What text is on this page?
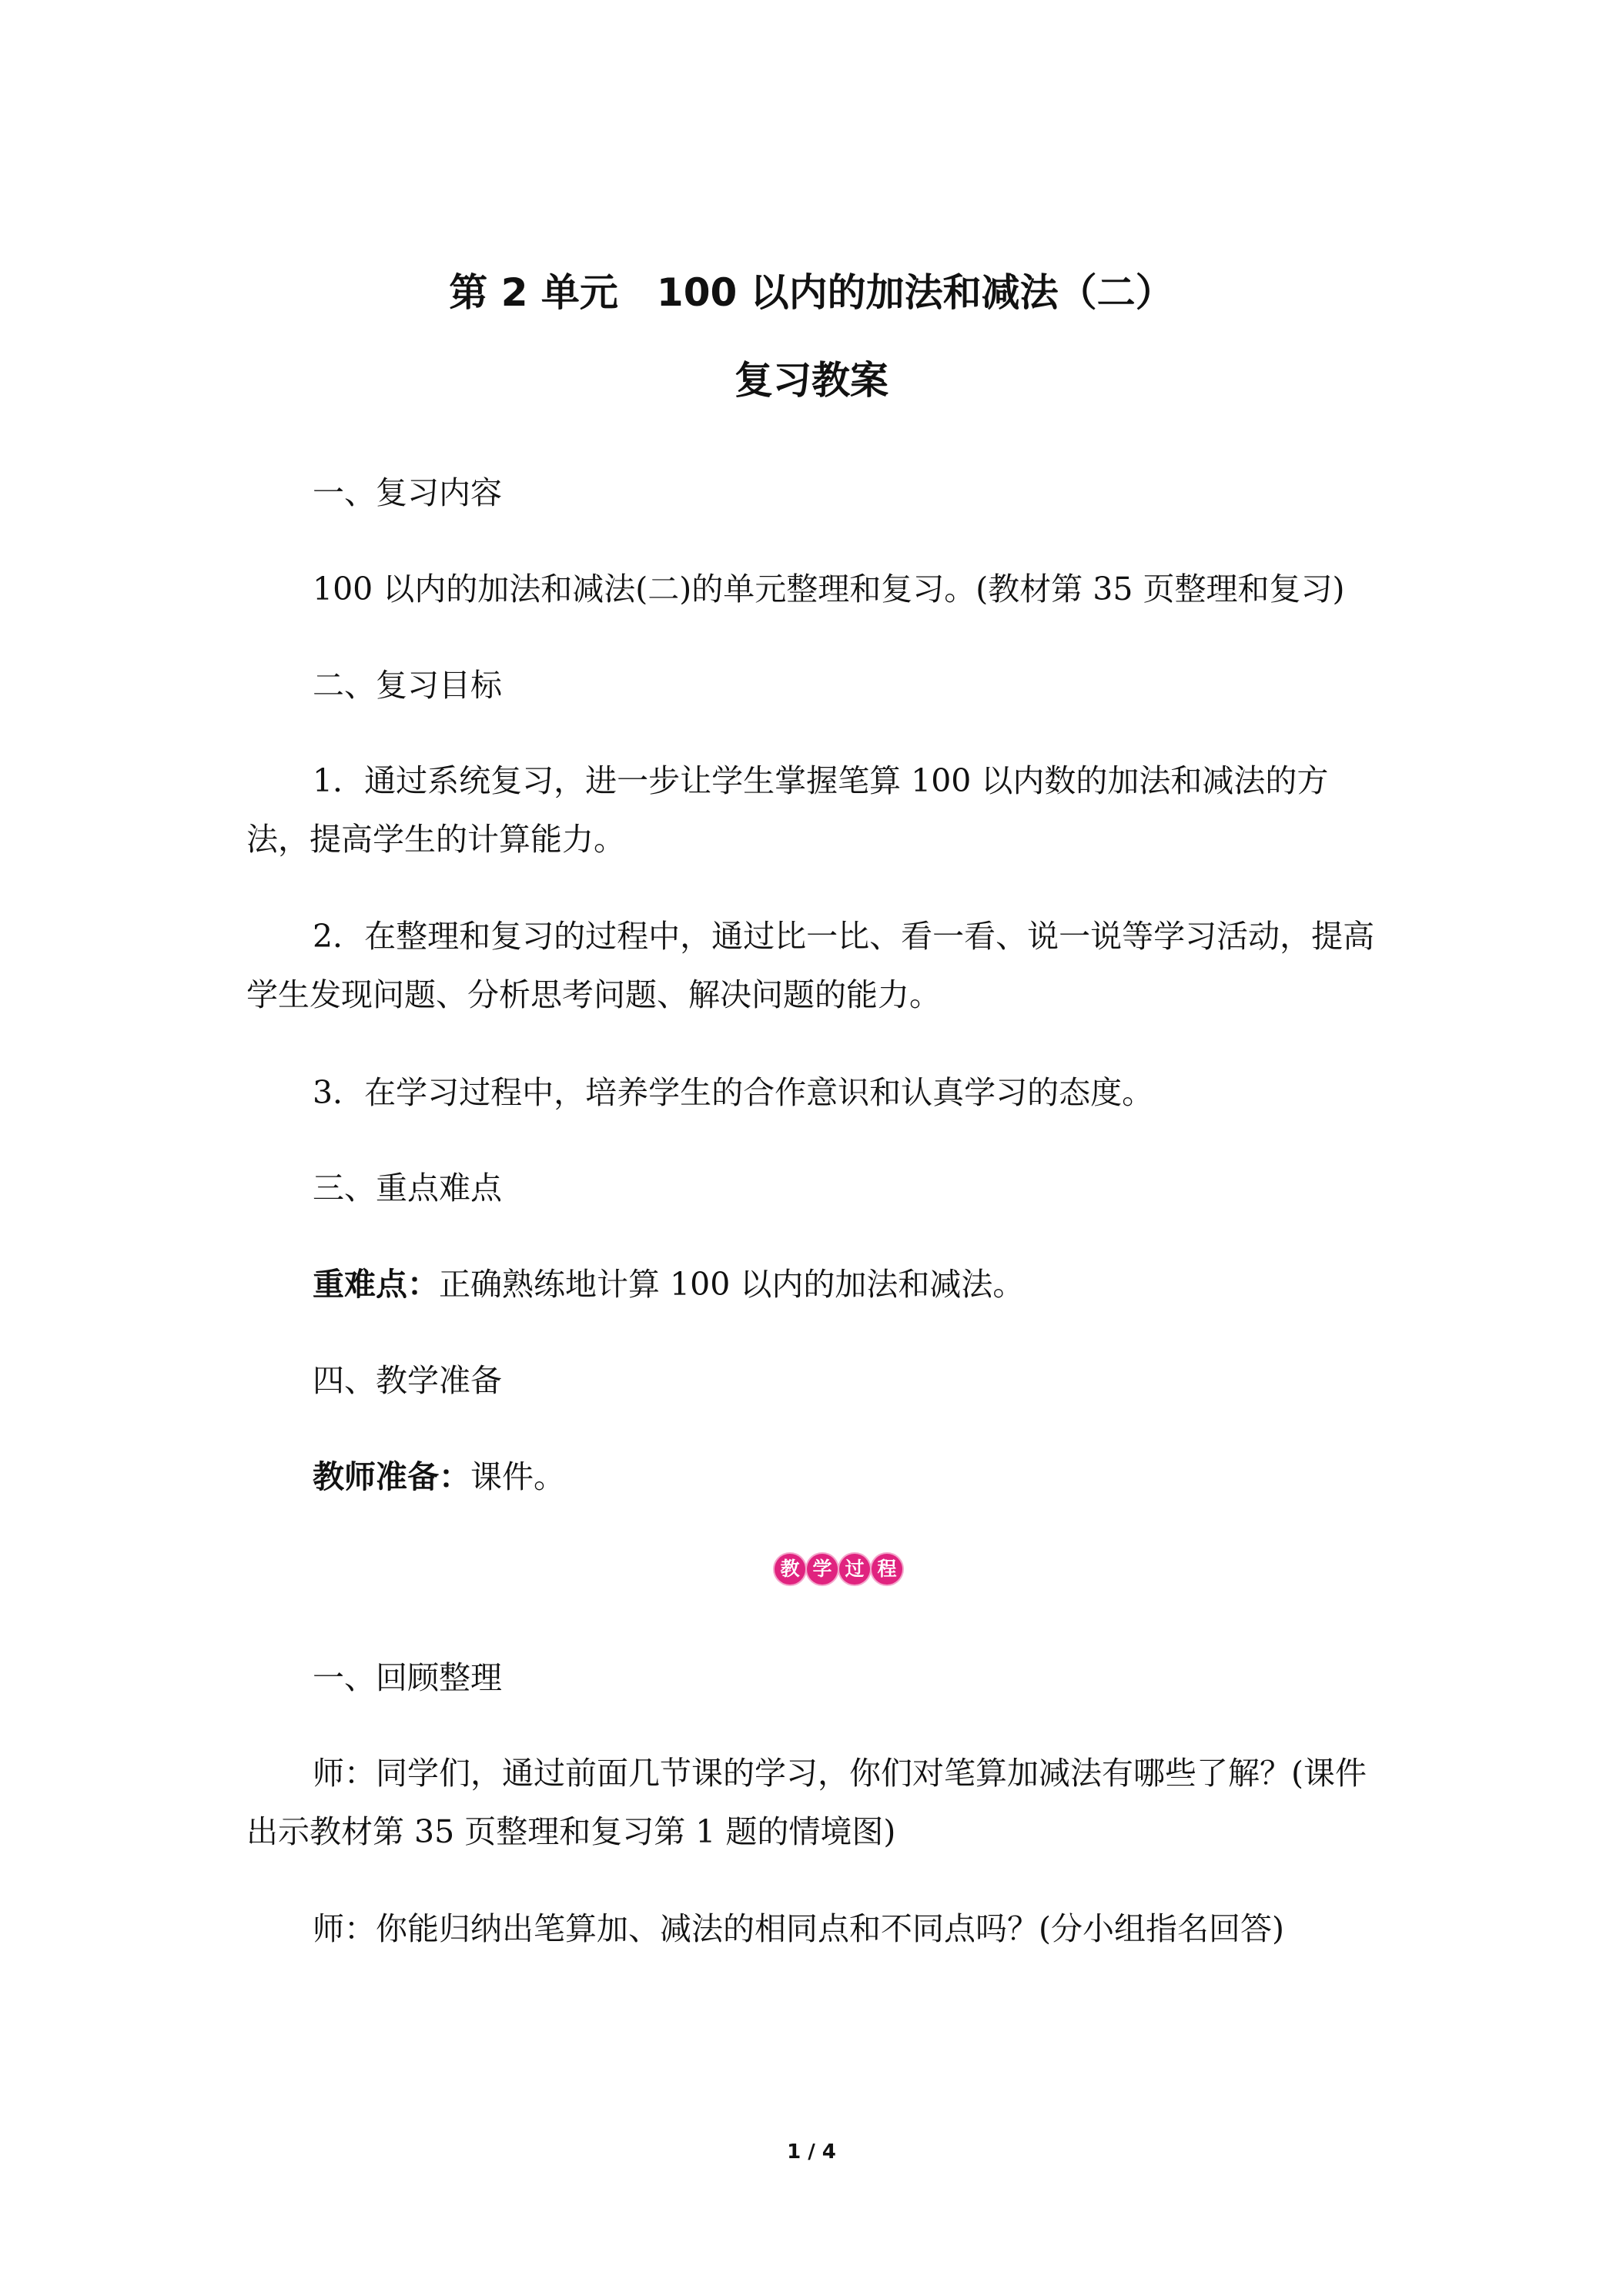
第 2 单元　100 以内的加法和减法（二）
复习教案

一、复习内容

100 以内的加法和减法(二)的单元整理和复习。(教材第 35 页整理和复习)

二、复习目标

1．通过系统复习，进一步让学生掌握笔算 100 以内数的加法和减法的方法，提高学生的计算能力。

2．在整理和复习的过程中，通过比一比、看一看、说一说等学习活动，提高学生发现问题、分析思考问题、解决问题的能力。

3．在学习过程中，培养学生的合作意识和认真学习的态度。

三、重点难点

重难点：正确熟练地计算 100 以内的加法和减法。

四、教学准备

教师准备：课件。

教 学 过 程

一、回顾整理

师：同学们，通过前面几节课的学习，你们对笔算加减法有哪些了解？(课件出示教材第 35 页整理和复习第 1 题的情境图)

师：你能归纳出笔算加、减法的相同点和不同点吗？(分小组指名回答)

1 / 4
